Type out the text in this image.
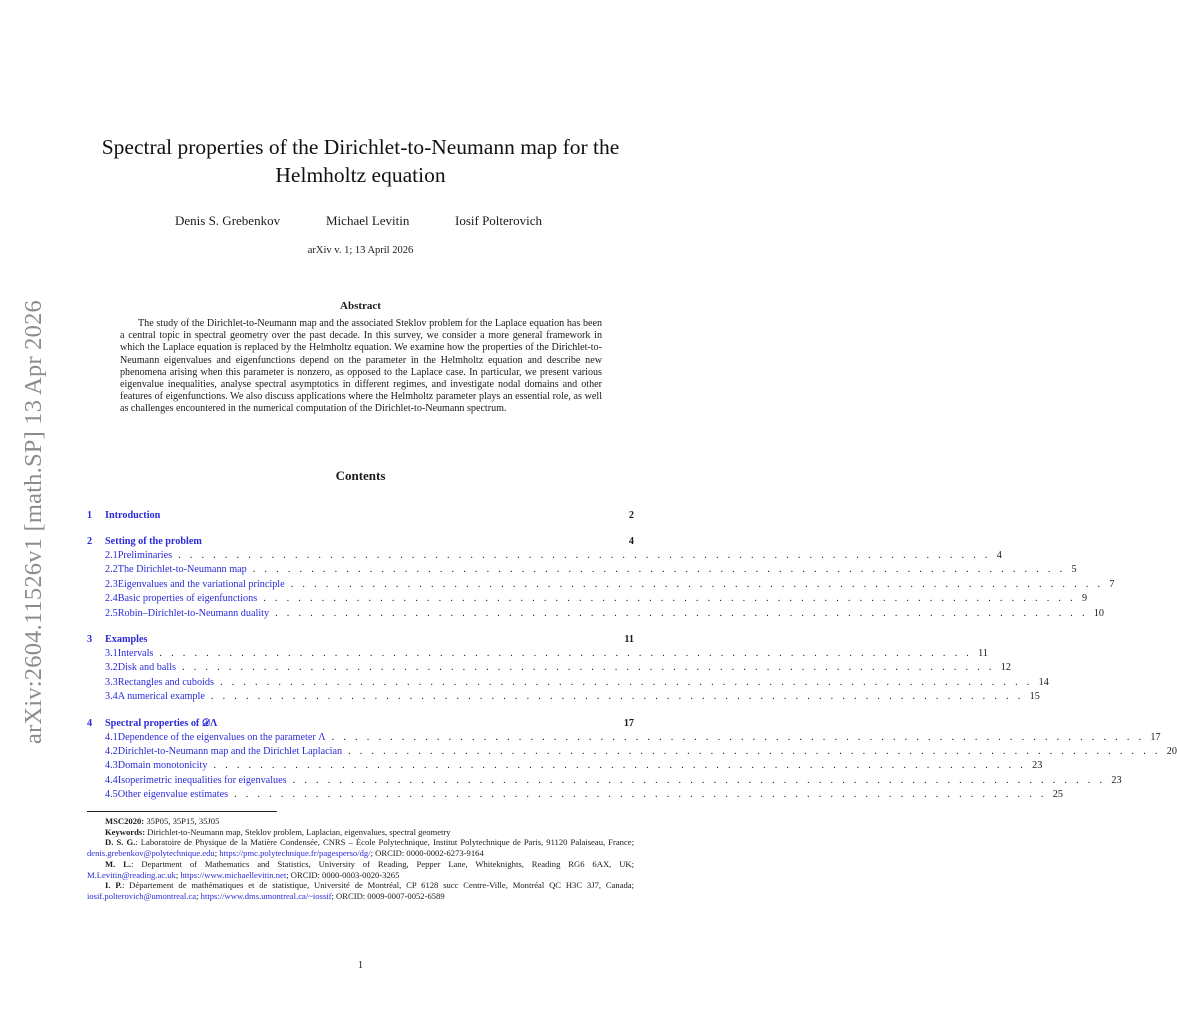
arXiv:2604.11526v1 [math.SP] 13 Apr 2026
Spectral properties of the Dirichlet-to-Neumann map for the Helmholtz equation
Denis S. Grebenkov	Michael Levitin	Iosif Polterovich
arXiv v. 1; 13 April 2026
Abstract
The study of the Dirichlet-to-Neumann map and the associated Steklov problem for the Laplace equation has been a central topic in spectral geometry over the past decade. In this survey, we consider a more general framework in which the Laplace equation is replaced by the Helmholtz equation. We examine how the properties of the Dirichlet-to-Neumann eigenvalues and eigenfunctions depend on the parameter in the Helmholtz equation and describe new phenomena arising when this parameter is nonzero, as opposed to the Laplace case. In particular, we present various eigenvalue inequalities, analyse spectral asymptotics in different regimes, and investigate nodal domains and other features of eigenfunctions. We also discuss applications where the Helmholtz parameter plays an essential role, as well as challenges encountered in the numerical computation of the Dirichlet-to-Neumann spectrum.
Contents
1	Introduction	2
2	Setting of the problem	4
2.1 Preliminaries . . . . . . . . . . . . . . . . . . . . . . . . . . . . . . . . . . . . . . . . . . . . . . . . . . . . . . . . . . . . . . . . . . . . . . 4
2.2 The Dirichlet-to-Neumann map . . . . . . . . . . . . . . . . . . . . . . . . . . . . . . . . . . . . . . . . . . . . . . . . . . . . . . . . . . . . . . . . . . . . . . 5
2.3 Eigenvalues and the variational principle . . . . . . . . . . . . . . . . . . . . . . . . . . . . . . . . . . . . . . . . . . . . . . . . . . . . . . . . . . . . . . . . . . . . . . 7
2.4 Basic properties of eigenfunctions . . . . . . . . . . . . . . . . . . . . . . . . . . . . . . . . . . . . . . . . . . . . . . . . . . . . . . . . . . . . . . . . . . . . . . 9
2.5 Robin–Dirichlet-to-Neumann duality . . . . . . . . . . . . . . . . . . . . . . . . . . . . . . . . . . . . . . . . . . . . . . . . . . . . . . . . . . . . . . . . . . . . . . 10
3	Examples	11
3.1 Intervals . . . . . . . . . . . . . . . . . . . . . . . . . . . . . . . . . . . . . . . . . . . . . . . . . . . . . . . . . . . . . . . . . . . . . . 11
3.2 Disk and balls . . . . . . . . . . . . . . . . . . . . . . . . . . . . . . . . . . . . . . . . . . . . . . . . . . . . . . . . . . . . . . . . . . . . . . 12
3.3 Rectangles and cuboids . . . . . . . . . . . . . . . . . . . . . . . . . . . . . . . . . . . . . . . . . . . . . . . . . . . . . . . . . . . . . . . . . . . . . . 14
3.4 A numerical example . . . . . . . . . . . . . . . . . . . . . . . . . . . . . . . . . . . . . . . . . . . . . . . . . . . . . . . . . . . . . . . . . . . . . . 15
4	Spectral properties of 𝒟Λ	17
4.1 Dependence of the eigenvalues on the parameter Λ . . . . . . . . . . . . . . . . . . . . . . . . . . . . . . . . . . . . . . . . . . . . . . . . . . . . . . . . . . . . . . . . . . . . . . 17
4.2 Dirichlet-to-Neumann map and the Dirichlet Laplacian . . . . . . . . . . . . . . . . . . . . . . . . . . . . . . . . . . . . . . . . . . . . . . . . . . . . . . . . . . . . . . . . . . . . . . 20
4.3 Domain monotonicity . . . . . . . . . . . . . . . . . . . . . . . . . . . . . . . . . . . . . . . . . . . . . . . . . . . . . . . . . . . . . . . . . . . . . . 23
4.4 Isoperimetric inequalities for eigenvalues . . . . . . . . . . . . . . . . . . . . . . . . . . . . . . . . . . . . . . . . . . . . . . . . . . . . . . . . . . . . . . . . . . . . . . 23
4.5 Other eigenvalue estimates . . . . . . . . . . . . . . . . . . . . . . . . . . . . . . . . . . . . . . . . . . . . . . . . . . . . . . . . . . . . . . . . . . . . . . 25

MSC2020: 35P05, 35P15, 35J05

Keywords: Dirichlet-to-Neumann map, Steklov problem, Laplacian, eigenvalues, spectral geometry

D. S. G.: Laboratoire de Physique de la Matière Condensée, CNRS – École Polytechnique, Institut Polytechnique de Paris, 91120 Palaiseau, France; denis.grebenkov@polytechnique.edu; https://pmc.polytechnique.fr/pagesperso/dg/; ORCID: 0000-0002-6273-9164

M. L.: Department of Mathematics and Statistics, University of Reading, Pepper Lane, Whiteknights, Reading RG6 6AX, UK; M.Levitin@reading.ac.uk; https://www.michaellevitin.net; ORCID: 0000-0003-0020-3265

I. P.: Département de mathématiques et de statistique, Université de Montréal, CP 6128 succ Centre-Ville, Montréal QC H3C 3J7, Canada; iosif.polterovich@umontreal.ca; https://www.dms.umontreal.ca/~iossif; ORCID: 0009-0007-0052-6589

1
